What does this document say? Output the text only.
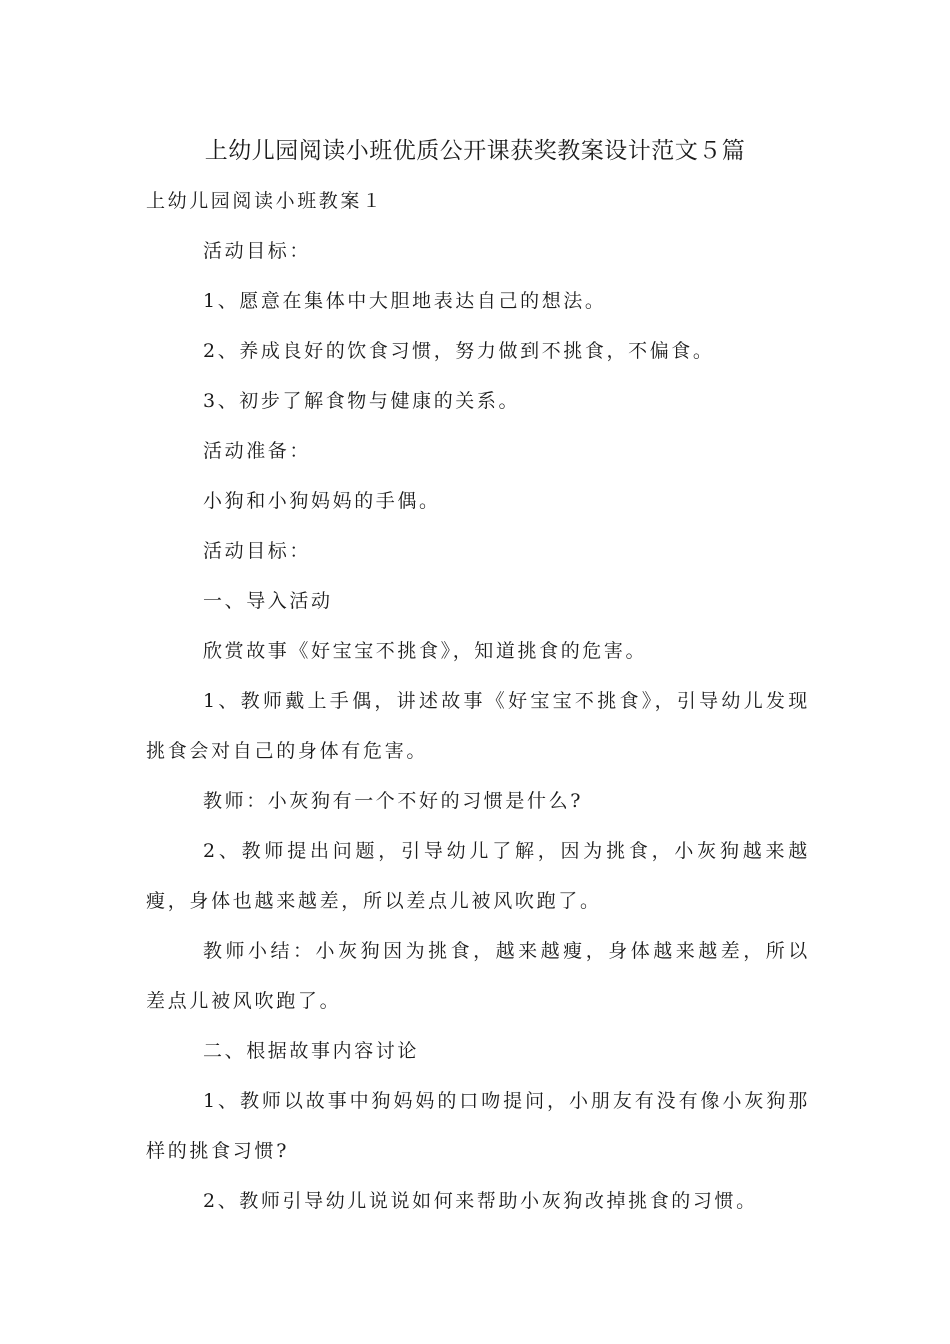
上幼儿园阅读小班优质公开课获奖教案设计范文５篇
上幼儿园阅读小班教案１
活动目标：
1、愿意在集体中大胆地表达自己的想法。
2、养成良好的饮食习惯，努力做到不挑食，不偏食。
3、初步了解食物与健康的关系。
活动准备：
小狗和小狗妈妈的手偶。
活动目标：
一、导入活动
欣赏故事《好宝宝不挑食》，知道挑食的危害。
1、教师戴上手偶，讲述故事《好宝宝不挑食》，引导幼儿发现挑食会对自己的身体有危害。
教师：小灰狗有一个不好的习惯是什么?
2、教师提出问题，引导幼儿了解，因为挑食，小灰狗越来越瘦，身体也越来越差，所以差点儿被风吹跑了。
教师小结：小灰狗因为挑食，越来越瘦，身体越来越差，所以差点儿被风吹跑了。
二、根据故事内容讨论
1、教师以故事中狗妈妈的口吻提问，小朋友有没有像小灰狗那样的挑食习惯?
2、教师引导幼儿说说如何来帮助小灰狗改掉挑食的习惯。
